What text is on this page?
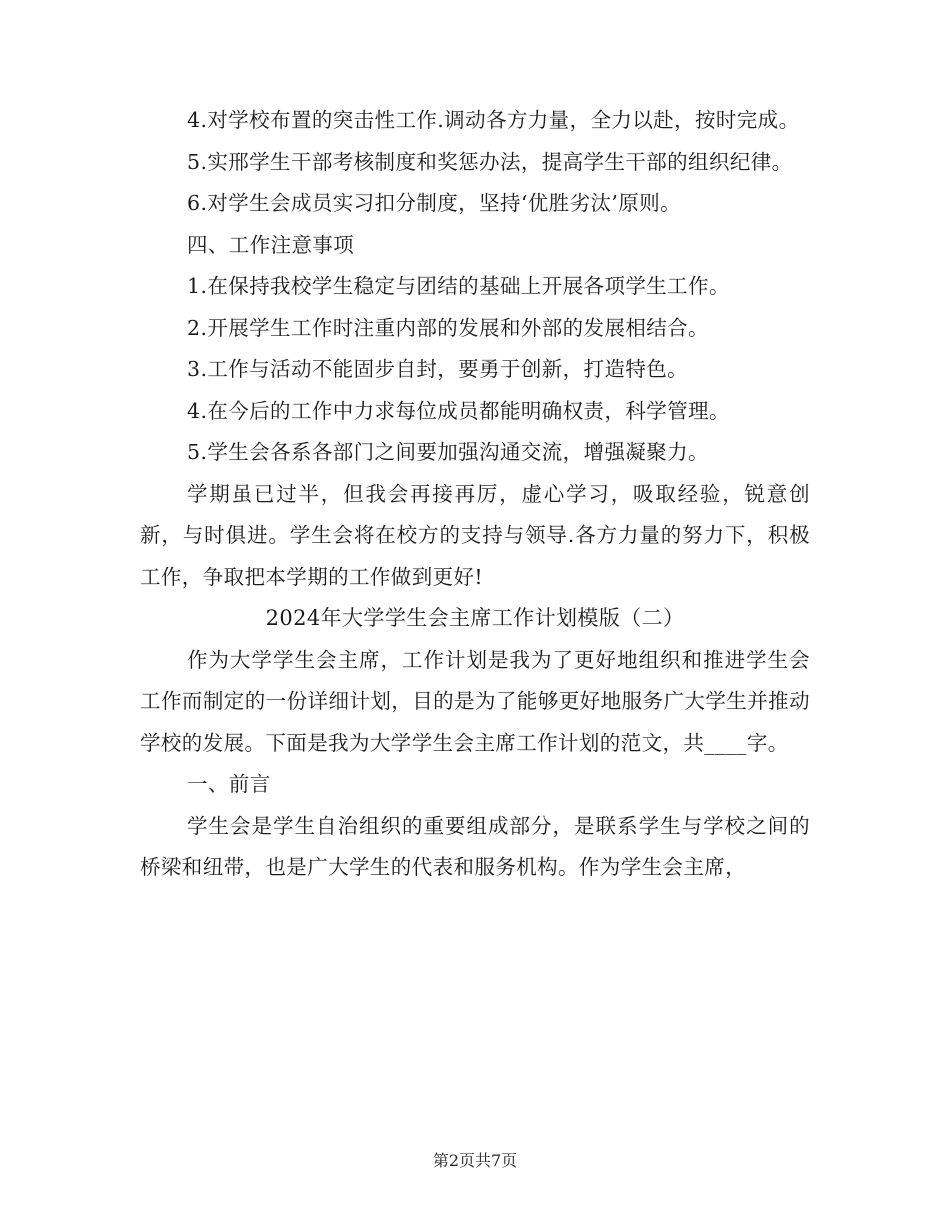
4.对学校布置的突击性工作.调动各方力量，全力以赴，按时完成。

5.实邢学生干部考核制度和奖惩办法，提高学生干部的组织纪律。

6.对学生会成员实习扣分制度，坚持‘优胜劣汰’原则。

四、工作注意事项

1.在保持我校学生稳定与团结的基础上开展各项学生工作。

2.开展学生工作时注重内部的发展和外部的发展相结合。

3.工作与活动不能固步自封，要勇于创新，打造特色。

4.在今后的工作中力求每位成员都能明确权责，科学管理。

5.学生会各系各部门之间要加强沟通交流，增强凝聚力。

学期虽已过半，但我会再接再厉，虚心学习，吸取经验，锐意创新，与时俱进。学生会将在校方的支持与领导.各方力量的努力下，积极工作，争取把本学期的工作做到更好!

2024年大学学生会主席工作计划模版（二）

作为大学学生会主席，工作计划是我为了更好地组织和推进学生会工作而制定的一份详细计划，目的是为了能够更好地服务广大学生并推动学校的发展。下面是我为大学学生会主席工作计划的范文，共____字。

一、前言

学生会是学生自治组织的重要组成部分，是联系学生与学校之间的桥梁和纽带，也是广大学生的代表和服务机构。作为学生会主席，

第2页共7页
